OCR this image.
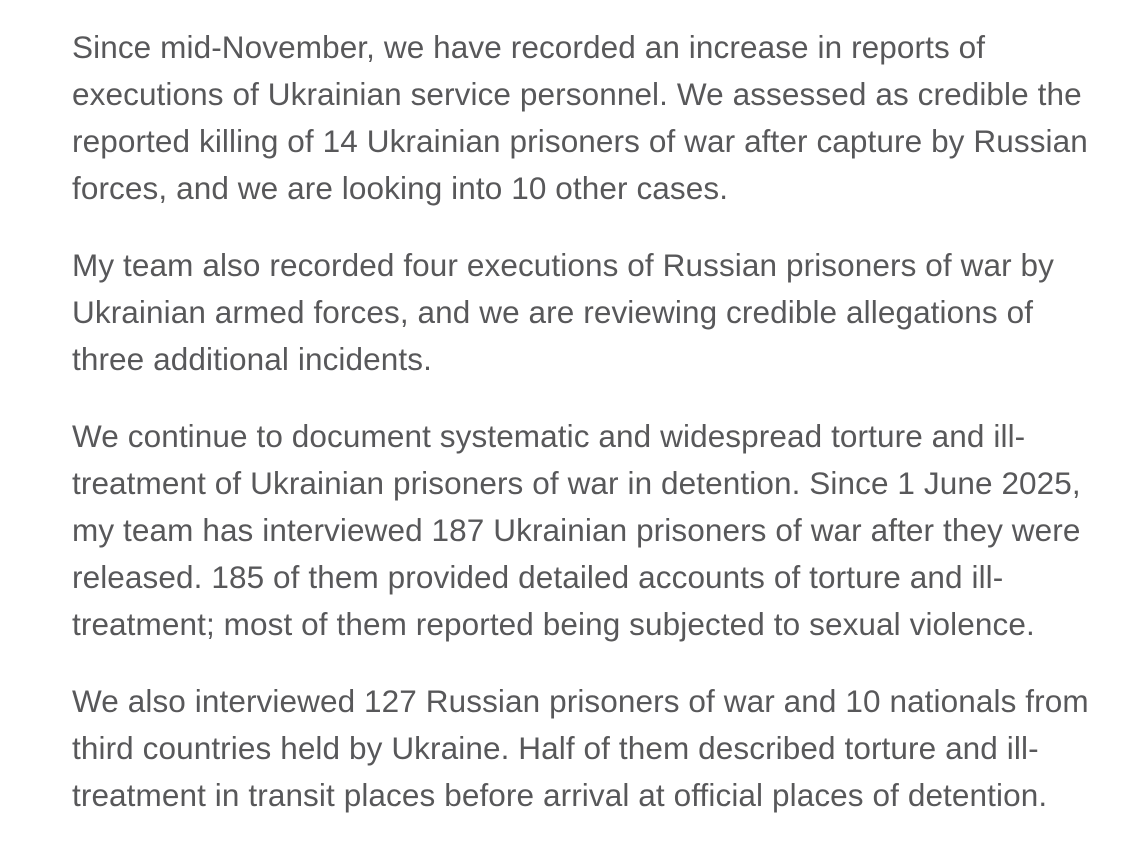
Since mid-November, we have recorded an increase in reports of executions of Ukrainian service personnel. We assessed as credible the reported killing of 14 Ukrainian prisoners of war after capture by Russian forces, and we are looking into 10 other cases.

My team also recorded four executions of Russian prisoners of war by Ukrainian armed forces, and we are reviewing credible allegations of three additional incidents.

We continue to document systematic and widespread torture and ill-treatment of Ukrainian prisoners of war in detention. Since 1 June 2025, my team has interviewed 187 Ukrainian prisoners of war after they were released. 185 of them provided detailed accounts of torture and ill-treatment; most of them reported being subjected to sexual violence.

We also interviewed 127 Russian prisoners of war and 10 nationals from third countries held by Ukraine. Half of them described torture and ill-treatment in transit places before arrival at official places of detention.
